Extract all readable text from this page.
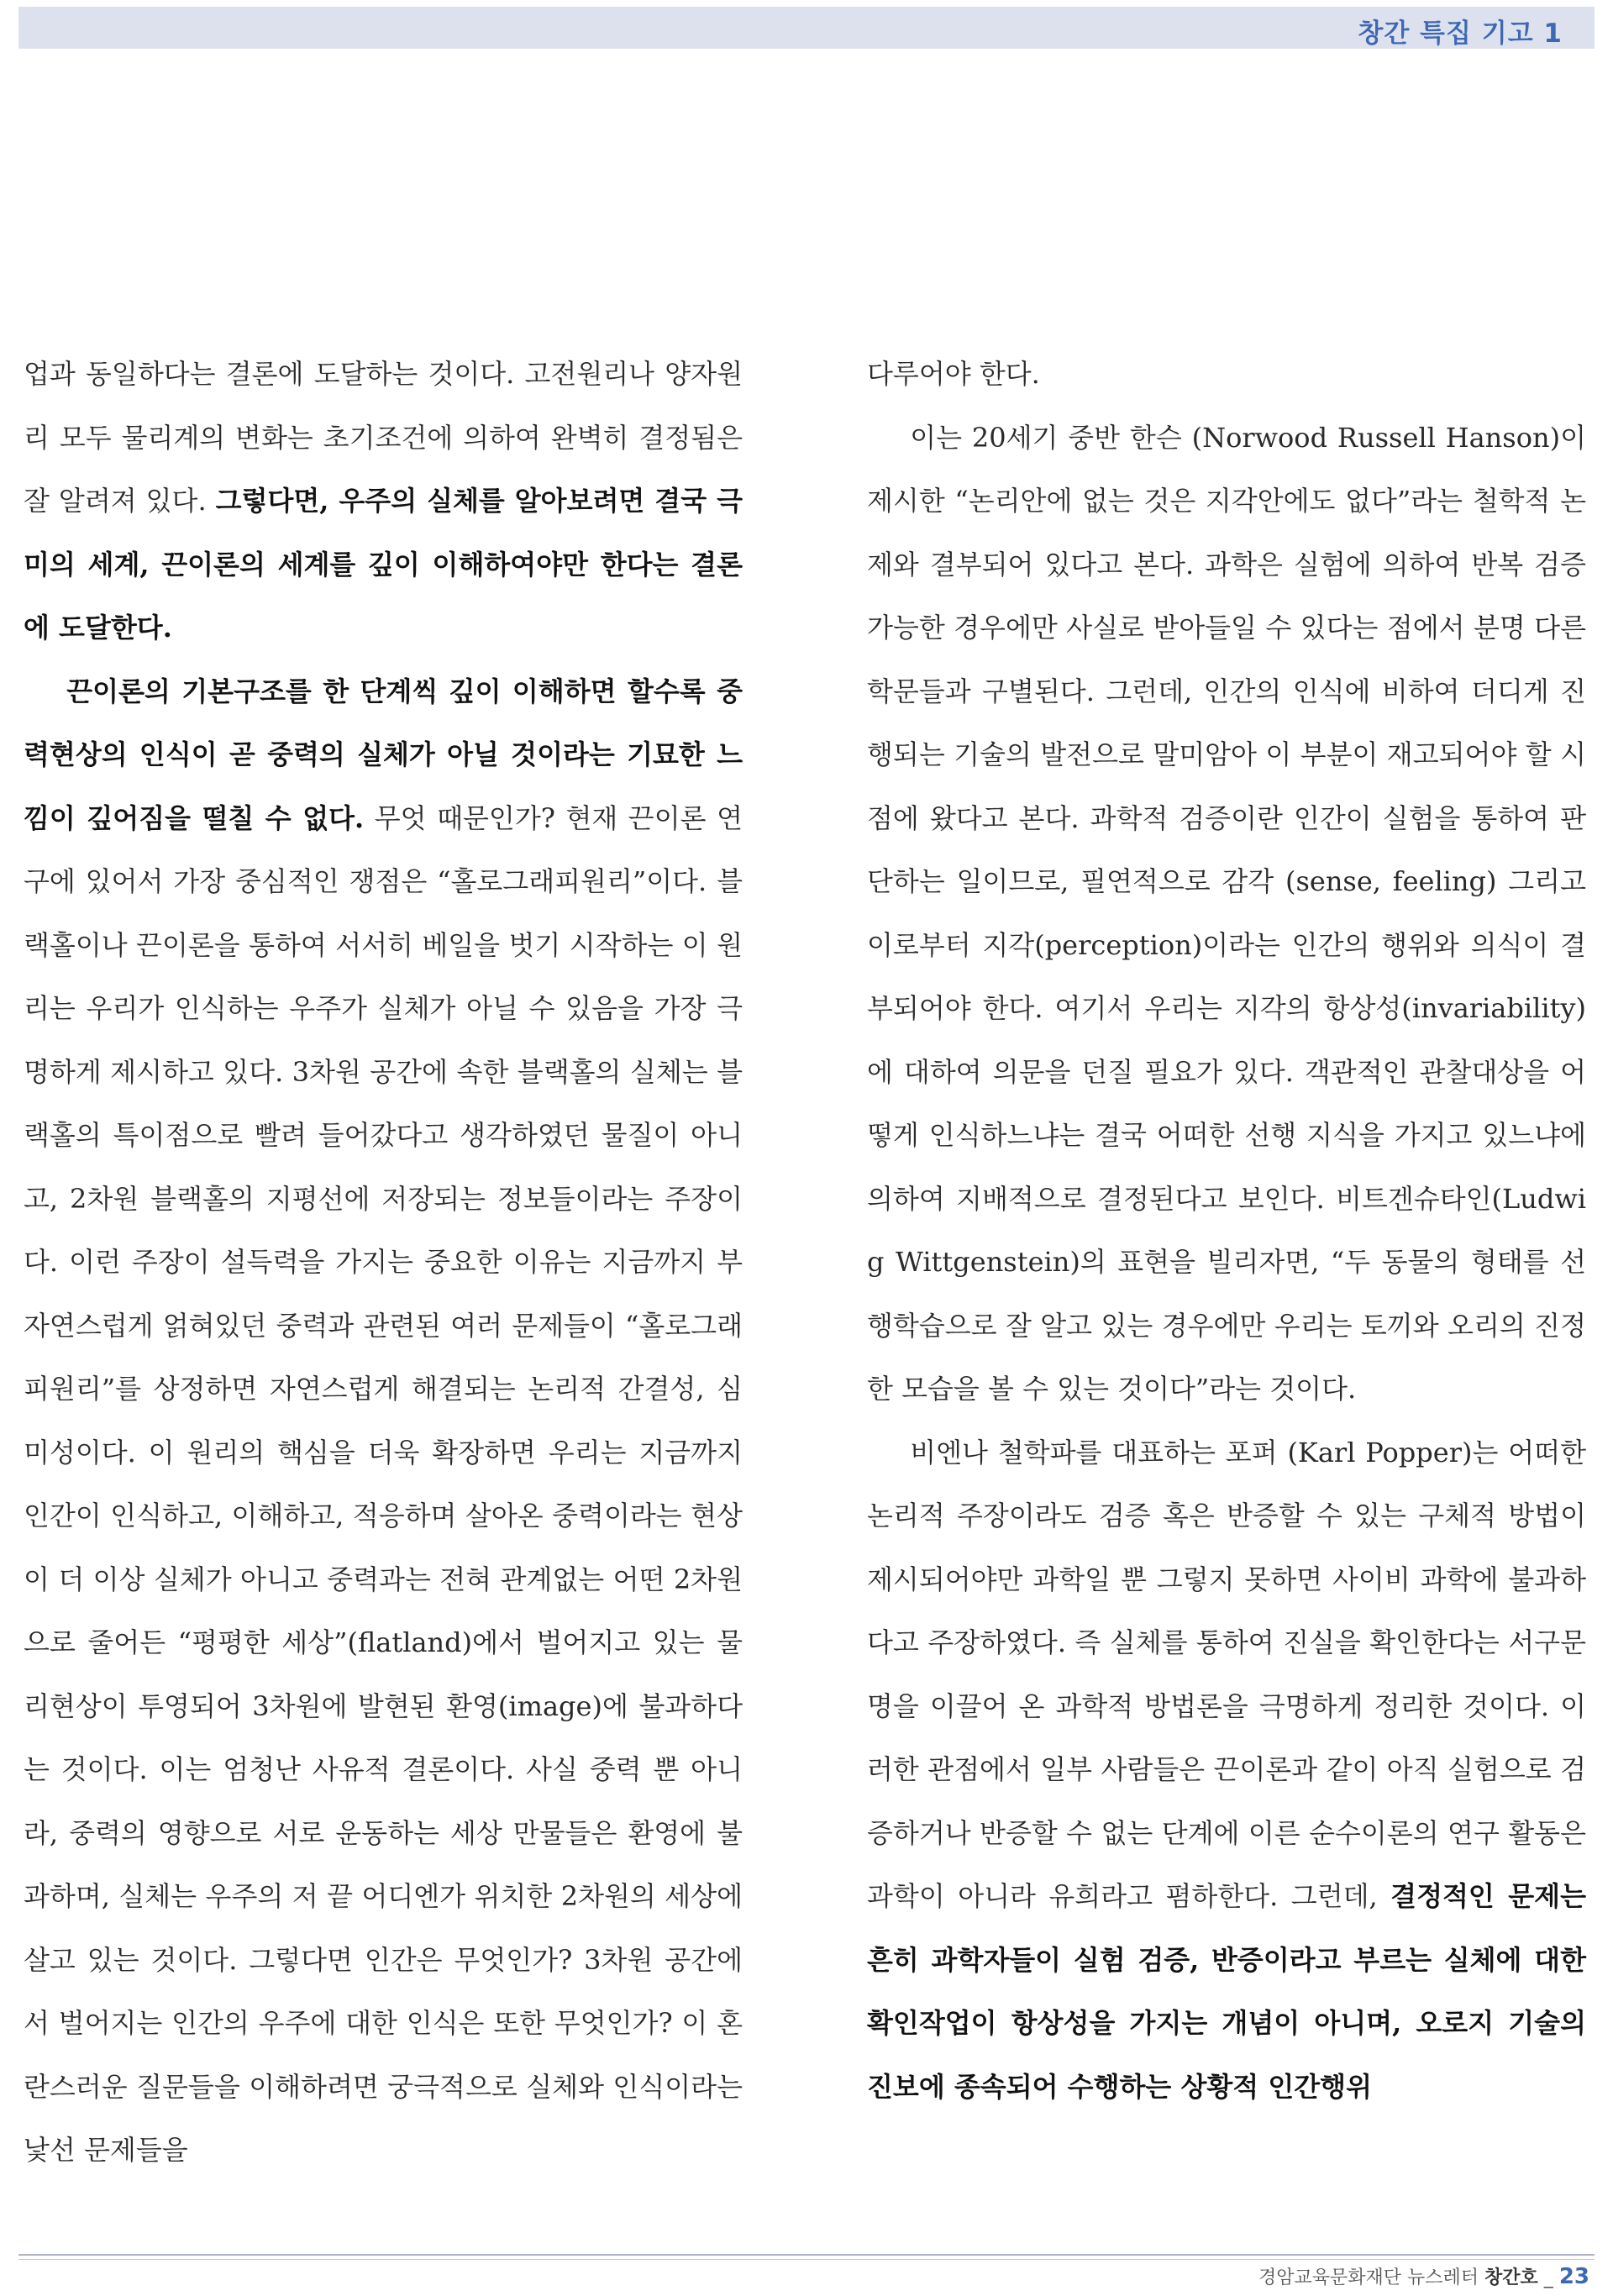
창간 특집 기고 1

업과 동일하다는 결론에 도달하는 것이다. 고전원리나 양자원리 모두 물리계의 변화는 초기조건에 의하여 완벽히 결정됨은 잘 알려져 있다. 그렇다면, 우주의 실체를 알아보려면 결국 극미의 세계, 끈이론의 세계를 깊이 이해하여야만 한다는 결론에 도달한다.

끈이론의 기본구조를 한 단계씩 깊이 이해하면 할수록 중력현상의 인식이 곧 중력의 실체가 아닐 것이라는 기묘한 느낌이 깊어짐을 떨칠 수 없다. 무엇 때문인가? 현재 끈이론 연구에 있어서 가장 중심적인 쟁점은 “홀로그래피원리”이다. 블랙홀이나 끈이론을 통하여 서서히 베일을 벗기 시작하는 이 원리는 우리가 인식하는 우주가 실체가 아닐 수 있음을 가장 극명하게 제시하고 있다. 3차원 공간에 속한 블랙홀의 실체는 블랙홀의 특이점으로 빨려 들어갔다고 생각하였던 물질이 아니고, 2차원 블랙홀의 지평선에 저장되는 정보들이라는 주장이다. 이런 주장이 설득력을 가지는 중요한 이유는 지금까지 부자연스럽게 얽혀있던 중력과 관련된 여러 문제들이 “홀로그래피원리”를 상정하면 자연스럽게 해결되는 논리적 간결성, 심미성이다. 이 원리의 핵심을 더욱 확장하면 우리는 지금까지 인간이 인식하고, 이해하고, 적응하며 살아온 중력이라는 현상이 더 이상 실체가 아니고 중력과는 전혀 관계없는 어떤 2차원으로 줄어든 “평평한 세상”(flatland)에서 벌어지고 있는 물리현상이 투영되어 3차원에 발현된 환영(image)에 불과하다는 것이다. 이는 엄청난 사유적 결론이다. 사실 중력 뿐 아니라, 중력의 영향으로 서로 운동하는 세상 만물들은 환영에 불과하며, 실체는 우주의 저 끝 어디엔가 위치한 2차원의 세상에 살고 있는 것이다. 그렇다면 인간은 무엇인가? 3차원 공간에서 벌어지는 인간의 우주에 대한 인식은 또한 무엇인가? 이 혼란스러운 질문들을 이해하려면 궁극적으로 실체와 인식이라는 낯선 문제들을

다루어야 한다.

이는 20세기 중반 한슨 (Norwood Russell Hanson)이 제시한 “논리안에 없는 것은 지각안에도 없다”라는 철학적 논제와 결부되어 있다고 본다. 과학은 실험에 의하여 반복 검증 가능한 경우에만 사실로 받아들일 수 있다는 점에서 분명 다른 학문들과 구별된다. 그런데, 인간의 인식에 비하여 더디게 진행되는 기술의 발전으로 말미암아 이 부분이 재고되어야 할 시점에 왔다고 본다. 과학적 검증이란 인간이 실험을 통하여 판단하는 일이므로, 필연적으로 감각 (sense, feeling) 그리고 이로부터 지각(perception)이라는 인간의 행위와 의식이 결부되어야 한다. 여기서 우리는 지각의 항상성(invariability)에 대하여 의문을 던질 필요가 있다. 객관적인 관찰대상을 어떻게 인식하느냐는 결국 어떠한 선행 지식을 가지고 있느냐에 의하여 지배적으로 결정된다고 보인다. 비트겐슈타인(Ludwig Wittgenstein)의 표현을 빌리자면, “두 동물의 형태를 선행학습으로 잘 알고 있는 경우에만 우리는 토끼와 오리의 진정한 모습을 볼 수 있는 것이다”라는 것이다.

비엔나 철학파를 대표하는 포퍼 (Karl Popper)는 어떠한 논리적 주장이라도 검증 혹은 반증할 수 있는 구체적 방법이 제시되어야만 과학일 뿐 그렇지 못하면 사이비 과학에 불과하다고 주장하였다. 즉 실체를 통하여 진실을 확인한다는 서구문명을 이끌어 온 과학적 방법론을 극명하게 정리한 것이다. 이러한 관점에서 일부 사람들은 끈이론과 같이 아직 실험으로 검증하거나 반증할 수 없는 단계에 이른 순수이론의 연구 활동은 과학이 아니라 유희라고 폄하한다. 그런데, 결정적인 문제는 흔히 과학자들이 실험 검증, 반증이라고 부르는 실체에 대한 확인작업이 항상성을 가지는 개념이 아니며, 오로지 기술의 진보에 종속되어 수행하는 상황적 인간행위

경암교육문화재단 뉴스레터 창간호 _ 23
